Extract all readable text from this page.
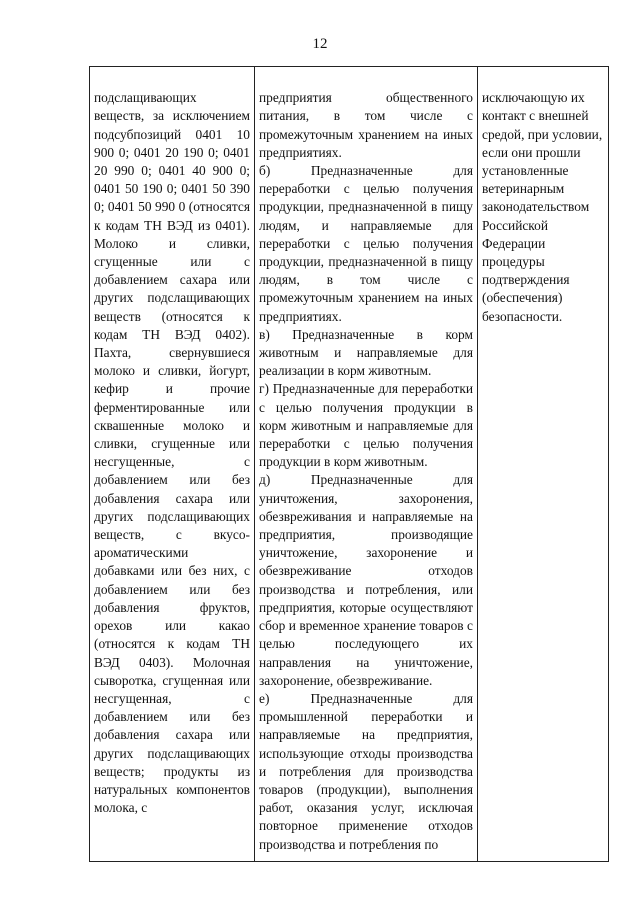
12

подслащивающих веществ, за исключением подсубпозиций 0401 10 900 0; 0401 20 190 0; 0401 20 990 0; 0401 40 900 0; 0401 50 190 0; 0401 50 390 0; 0401 50 990 0 (относятся к кодам ТН ВЭД из 0401). Молоко и сливки, сгущенные или с добавлением сахара или других подслащивающих веществ (относятся к кодам ТН ВЭД 0402). Пахта, свернувшиеся молоко и сливки, йогурт, кефир и прочие ферментированные или сквашенные молоко и сливки, сгущенные или несгущенные, с добавлением или без добавления сахара или других подслащивающих веществ, с вкусо-ароматическими добавками или без них, с добавлением или без добавления фруктов, орехов или какао (относятся к кодам ТН ВЭД 0403). Молочная сыворотка, сгущенная или несгущенная, с добавлением или без добавления сахара или других подслащивающих веществ; продукты из натуральных компонентов молока, с

предприятия общественного питания, в том числе с промежуточным хранением на иных предприятиях.
б) Предназначенные для переработки с целью получения продукции, предназначенной в пищу людям, и направляемые для переработки с целью получения продукции, предназначенной в пищу людям, в том числе с промежуточным хранением на иных предприятиях.
в) Предназначенные в корм животным и направляемые для реализации в корм животным.
г) Предназначенные для переработки с целью получения продукции в корм животным и направляемые для переработки с целью получения продукции в корм животным.
д) Предназначенные для уничтожения, захоронения, обезвреживания и направляемые на предприятия, производящие уничтожение, захоронение и обезвреживание отходов производства и потребления, или предприятия, которые осуществляют сбор и временное хранение товаров с целью последующего их направления на уничтожение, захоронение, обезвреживание.
е) Предназначенные для промышленной переработки и направляемые на предприятия, использующие отходы производства и потребления для производства товаров (продукции), выполнения работ, оказания услуг, исключая повторное применение отходов производства и потребления по

исключающую их контакт с внешней средой, при условии, если они прошли установленные ветеринарным законодательством Российской Федерации процедуры подтверждения (обеспечения) безопасности.
